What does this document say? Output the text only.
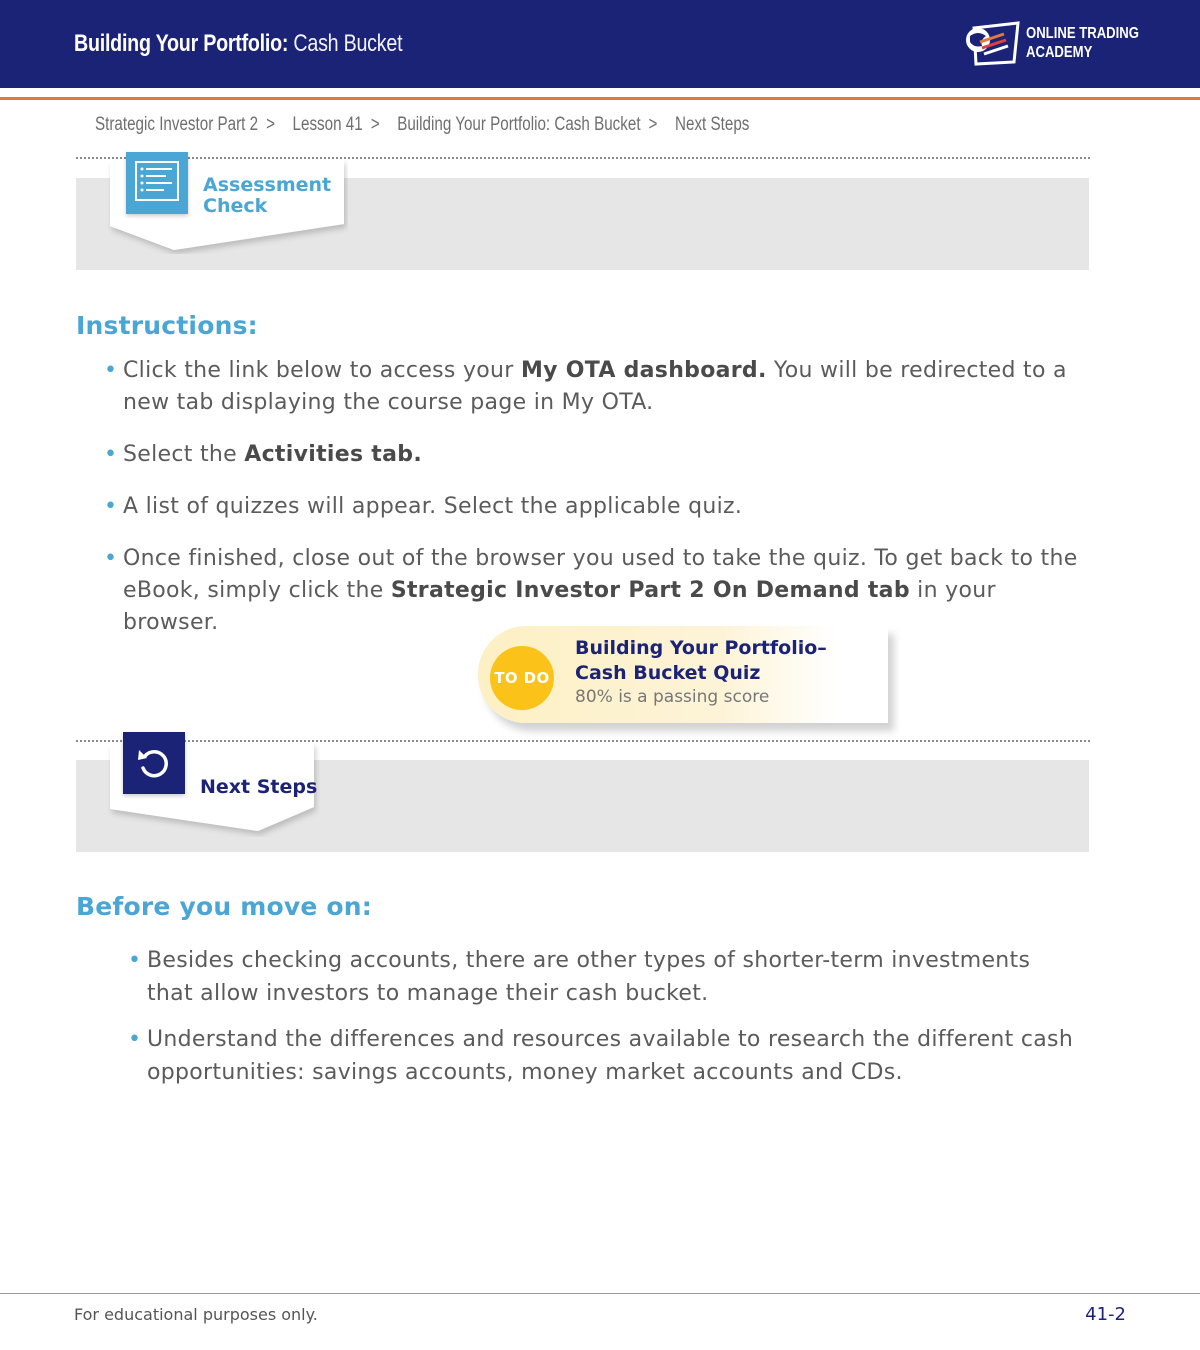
Building Your Portfolio: Cash Bucket	ONLINE TRADING
ACADEMY
Strategic Investor Part 2 > Lesson 41 > Building Your Portfolio: Cash Bucket > Next Steps
Assessment
Check
Instructions:
• Click the link below to access your My OTA dashboard. You will be redirected to a new tab displaying the course page in My OTA.
• Select the Activities tab.
• A list of quizzes will appear. Select the applicable quiz.
• Once finished, close out of the browser you used to take the quiz. To get back to the eBook, simply click the Strategic Investor Part 2 On Demand tab in your browser.
TO DO
Building Your Portfolio–
Cash Bucket Quiz
80% is a passing score
Next Steps
Before you move on:
• Besides checking accounts, there are other types of shorter-term investments that allow investors to manage their cash bucket.
• Understand the differences and resources available to research the different cash opportunities: savings accounts, money market accounts and CDs.
For educational purposes only.	41-2
